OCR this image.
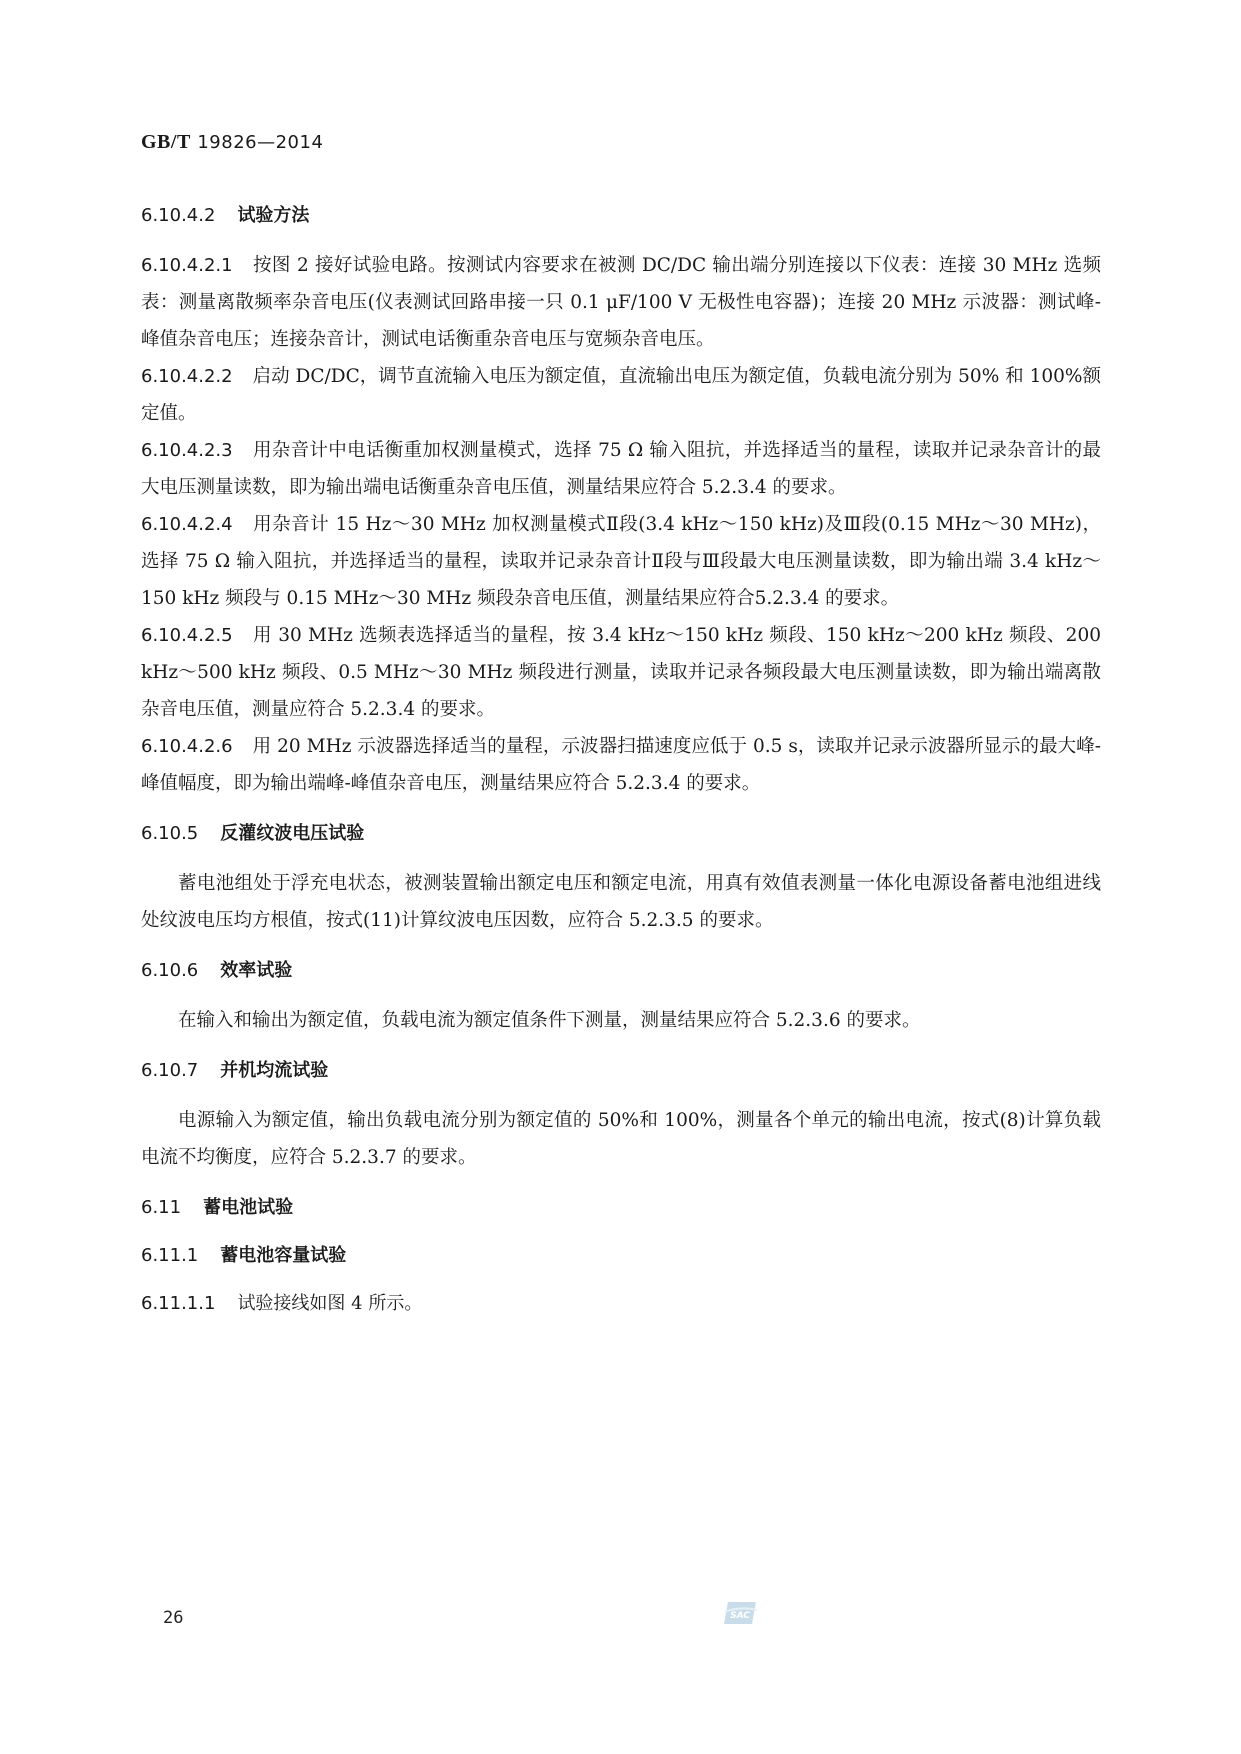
GB/T 19826—2014
6.10.4.2 试验方法

6.10.4.2.1 按图 2 接好试验电路。按测试内容要求在被测 DC/DC 输出端分别连接以下仪表：连接 30 MHz 选频表：测量离散频率杂音电压(仪表测试回路串接一只 0.1 μF/100 V 无极性电容器)；连接 20 MHz 示波器：测试峰-峰值杂音电压；连接杂音计，测试电话衡重杂音电压与宽频杂音电压。

6.10.4.2.2 启动 DC/DC，调节直流输入电压为额定值，直流输出电压为额定值，负载电流分别为 50% 和 100%额定值。

6.10.4.2.3 用杂音计中电话衡重加权测量模式，选择 75 Ω 输入阻抗，并选择适当的量程，读取并记录杂音计的最大电压测量读数，即为输出端电话衡重杂音电压值，测量结果应符合 5.2.3.4 的要求。

6.10.4.2.4 用杂音计 15 Hz～30 MHz 加权测量模式Ⅱ段(3.4 kHz～150 kHz)及Ⅲ段(0.15 MHz～30 MHz)，选择 75 Ω 输入阻抗，并选择适当的量程，读取并记录杂音计Ⅱ段与Ⅲ段最大电压测量读数，即为输出端 3.4 kHz～150 kHz 频段与 0.15 MHz～30 MHz 频段杂音电压值，测量结果应符合5.2.3.4 的要求。

6.10.4.2.5 用 30 MHz 选频表选择适当的量程，按 3.4 kHz～150 kHz 频段、150 kHz～200 kHz 频段、200 kHz～500 kHz 频段、0.5 MHz～30 MHz 频段进行测量，读取并记录各频段最大电压测量读数，即为输出端离散杂音电压值，测量应符合 5.2.3.4 的要求。

6.10.4.2.6 用 20 MHz 示波器选择适当的量程，示波器扫描速度应低于 0.5 s，读取并记录示波器所显示的最大峰-峰值幅度，即为输出端峰-峰值杂音电压，测量结果应符合 5.2.3.4 的要求。

6.10.5 反灌纹波电压试验

蓄电池组处于浮充电状态，被测装置输出额定电压和额定电流，用真有效值表测量一体化电源设备蓄电池组进线处纹波电压均方根值，按式(11)计算纹波电压因数，应符合 5.2.3.5 的要求。

6.10.6 效率试验

在输入和输出为额定值，负载电流为额定值条件下测量，测量结果应符合 5.2.3.6 的要求。

6.10.7 并机均流试验

电源输入为额定值，输出负载电流分别为额定值的 50%和 100%，测量各个单元的输出电流，按式(8)计算负载电流不均衡度，应符合 5.2.3.7 的要求。

6.11 蓄电池试验
6.11.1 蓄电池容量试验
6.11.1.1 试验接线如图 4 所示。
26	SAC
